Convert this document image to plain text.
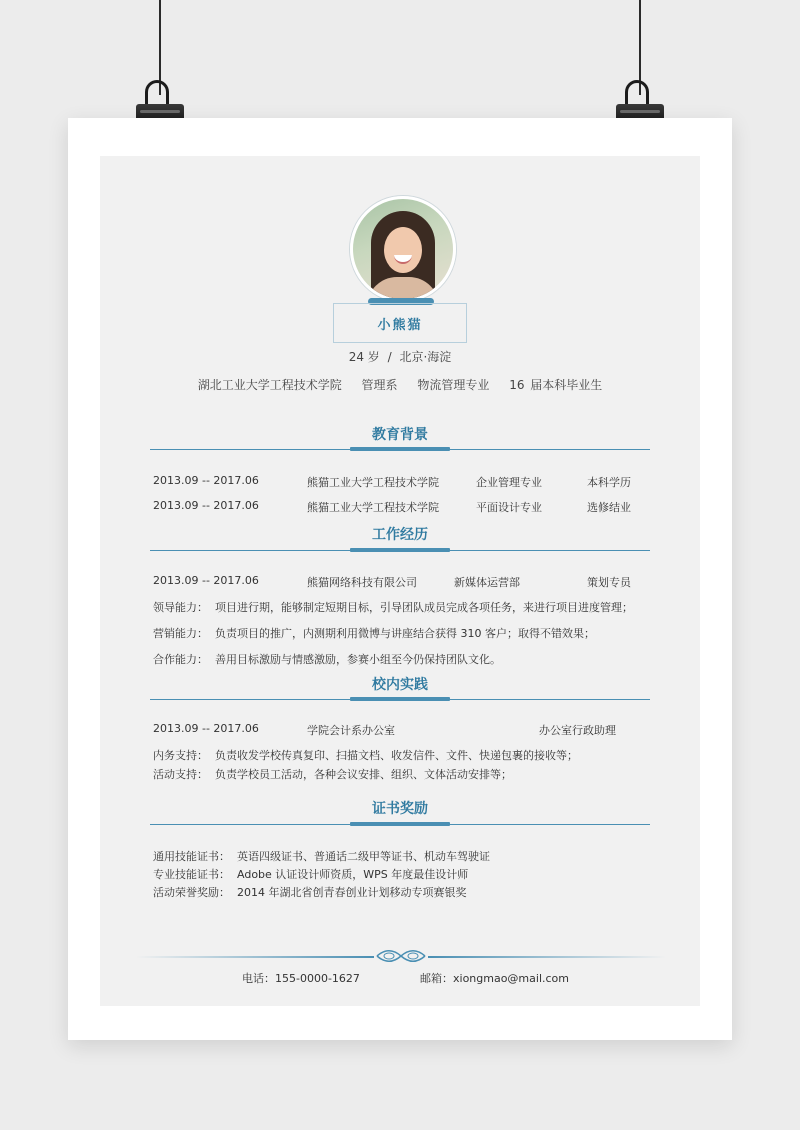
小熊猫
24 岁 / 北京·海淀
湖北工业大学工程技术学院 管理系 物流管理专业 16 届本科毕业生
教育背景
2013.09 -- 2017.06	熊猫工业大学工程技术学院	企业管理专业	本科学历
2013.09 -- 2017.06	熊猫工业大学工程技术学院	平面设计专业	选修结业
工作经历
2013.09 -- 2017.06	熊猫网络科技有限公司	新媒体运营部	策划专员
领导能力： 项目进行期，能够制定短期目标，引导团队成员完成各项任务，来进行项目进度管理；
营销能力： 负责项目的推广，内测期利用微博与讲座结合获得 310 客户；取得不错效果；
合作能力： 善用目标激励与情感激励，参赛小组至今仍保持团队文化。
校内实践
2013.09 -- 2017.06	学院会计系办公室	办公室行政助理
内务支持： 负责收发学校传真复印、扫描文档、收发信件、文件、快递包裹的接收等；
活动支持： 负责学校员工活动，各种会议安排、组织、文体活动安排等；
证书奖励
通用技能证书： 英语四级证书、普通话二级甲等证书、机动车驾驶证
专业技能证书： Adobe 认证设计师资质，WPS 年度最佳设计师
活动荣誉奖励： 2014 年湖北省创青春创业计划移动专项赛银奖
电话：155-0000-1627	邮箱：xiongmao@mail.com
